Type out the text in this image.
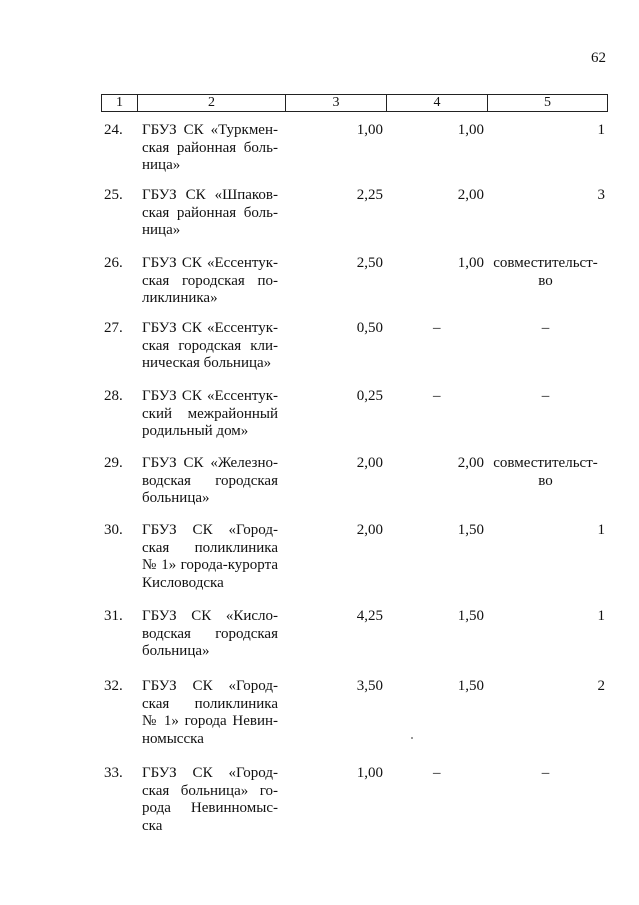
62
1	2	3	4	5
24.	ГБУЗ СК «Туркмен-
ская районная боль-
ница»
1,00	1,00	1
25.	ГБУЗ СК «Шпаков-
ская районная боль-
ница»
2,25	2,00	3
26.	ГБУЗ СК «Ессентук-
ская городская по-
ликлиника»
2,50	1,00 совместительст-
во
27.	ГБУЗ СК «Ессентук-
ская городская кли-
ническая больница»
0,50	–	–
28.	ГБУЗ СК «Ессентук-
ский межрайонный
родильный дом»
0,25	–	–
29.	ГБУЗ СК «Железно-
водская городская
больница»
2,00	2,00 совместительст-
во
30.	ГБУЗ СК «Город-
ская поликлиника
№ 1» города-курорта
Кисловодска
2,00	1,50	1
31.	ГБУЗ СК «Кисло-
водская городская
больница»
4,25	1,50	1
32.	ГБУЗ СК «Город-
ская поликлиника
№ 1» города Невин-
номысска
3,50	1,50	2
33.	ГБУЗ СК «Город-
ская больница» го-
рода Невинномыс-
ска
1,00	–	–
